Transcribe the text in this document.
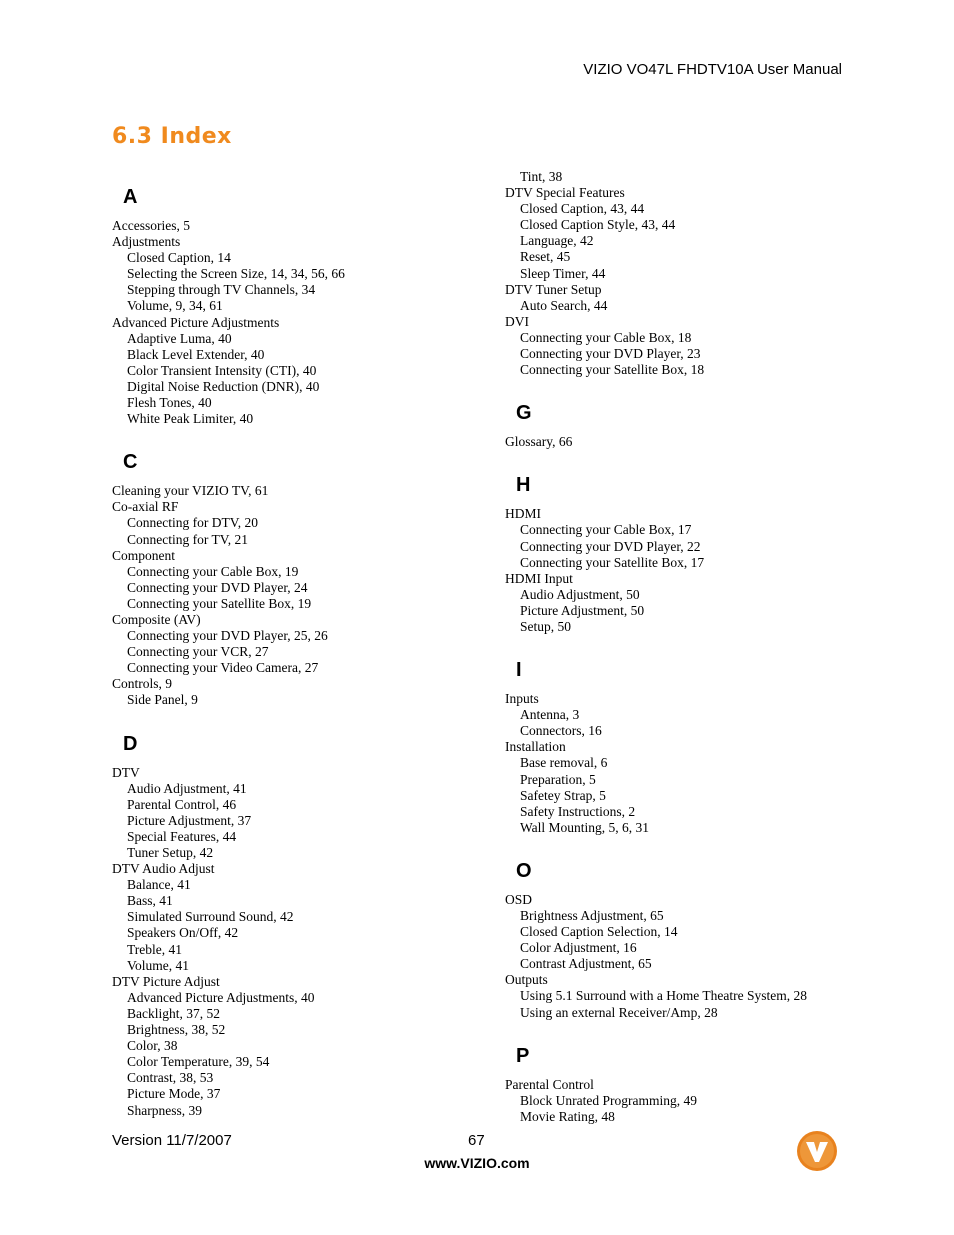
VIZIO VO47L FHDTV10A User Manual
6.3 Index
A
Accessories, 5
Adjustments
Closed Caption, 14
Selecting the Screen Size, 14, 34, 56, 66
Stepping through TV Channels, 34
Volume, 9, 34, 61
Advanced Picture Adjustments
Adaptive Luma, 40
Black Level Extender, 40
Color Transient Intensity (CTI), 40
Digital Noise Reduction (DNR), 40
Flesh Tones, 40
White Peak Limiter, 40
C
Cleaning your VIZIO TV, 61
Co-axial RF
Connecting for DTV, 20
Connecting for TV, 21
Component
Connecting your Cable Box, 19
Connecting your DVD Player, 24
Connecting your Satellite Box, 19
Composite (AV)
Connecting your DVD Player, 25, 26
Connecting your VCR, 27
Connecting your Video Camera, 27
Controls, 9
Side Panel, 9
D
DTV
Audio Adjustment, 41
Parental Control, 46
Picture Adjustment, 37
Special Features, 44
Tuner Setup, 42
DTV Audio Adjust
Balance, 41
Bass, 41
Simulated Surround Sound, 42
Speakers On/Off, 42
Treble, 41
Volume, 41
DTV Picture Adjust
Advanced Picture Adjustments, 40
Backlight, 37, 52
Brightness, 38, 52
Color, 38
Color Temperature, 39, 54
Contrast, 38, 53
Picture Mode, 37
Sharpness, 39
Tint, 38
DTV Special Features
Closed Caption, 43, 44
Closed Caption Style, 43, 44
Language, 42
Reset, 45
Sleep Timer, 44
DTV Tuner Setup
Auto Search, 44
DVI
Connecting your Cable Box, 18
Connecting your DVD Player, 23
Connecting your Satellite Box, 18
G
Glossary, 66
H
HDMI
Connecting your Cable Box, 17
Connecting your DVD Player, 22
Connecting your Satellite Box, 17
HDMI Input
Audio Adjustment, 50
Picture Adjustment, 50
Setup, 50
I
Inputs
Antenna, 3
Connectors, 16
Installation
Base removal, 6
Preparation, 5
Safetey Strap, 5
Safety Instructions, 2
Wall Mounting, 5, 6, 31
O
OSD
Brightness Adjustment, 65
Closed Caption Selection, 14
Color Adjustment, 16
Contrast Adjustment, 65
Outputs
Using 5.1 Surround with a Home Theatre System, 28
Using an external Receiver/Amp, 28
P
Parental Control
Block Unrated Programming, 49
Movie Rating, 48
Version 11/7/2007	67
www.VIZIO.com
